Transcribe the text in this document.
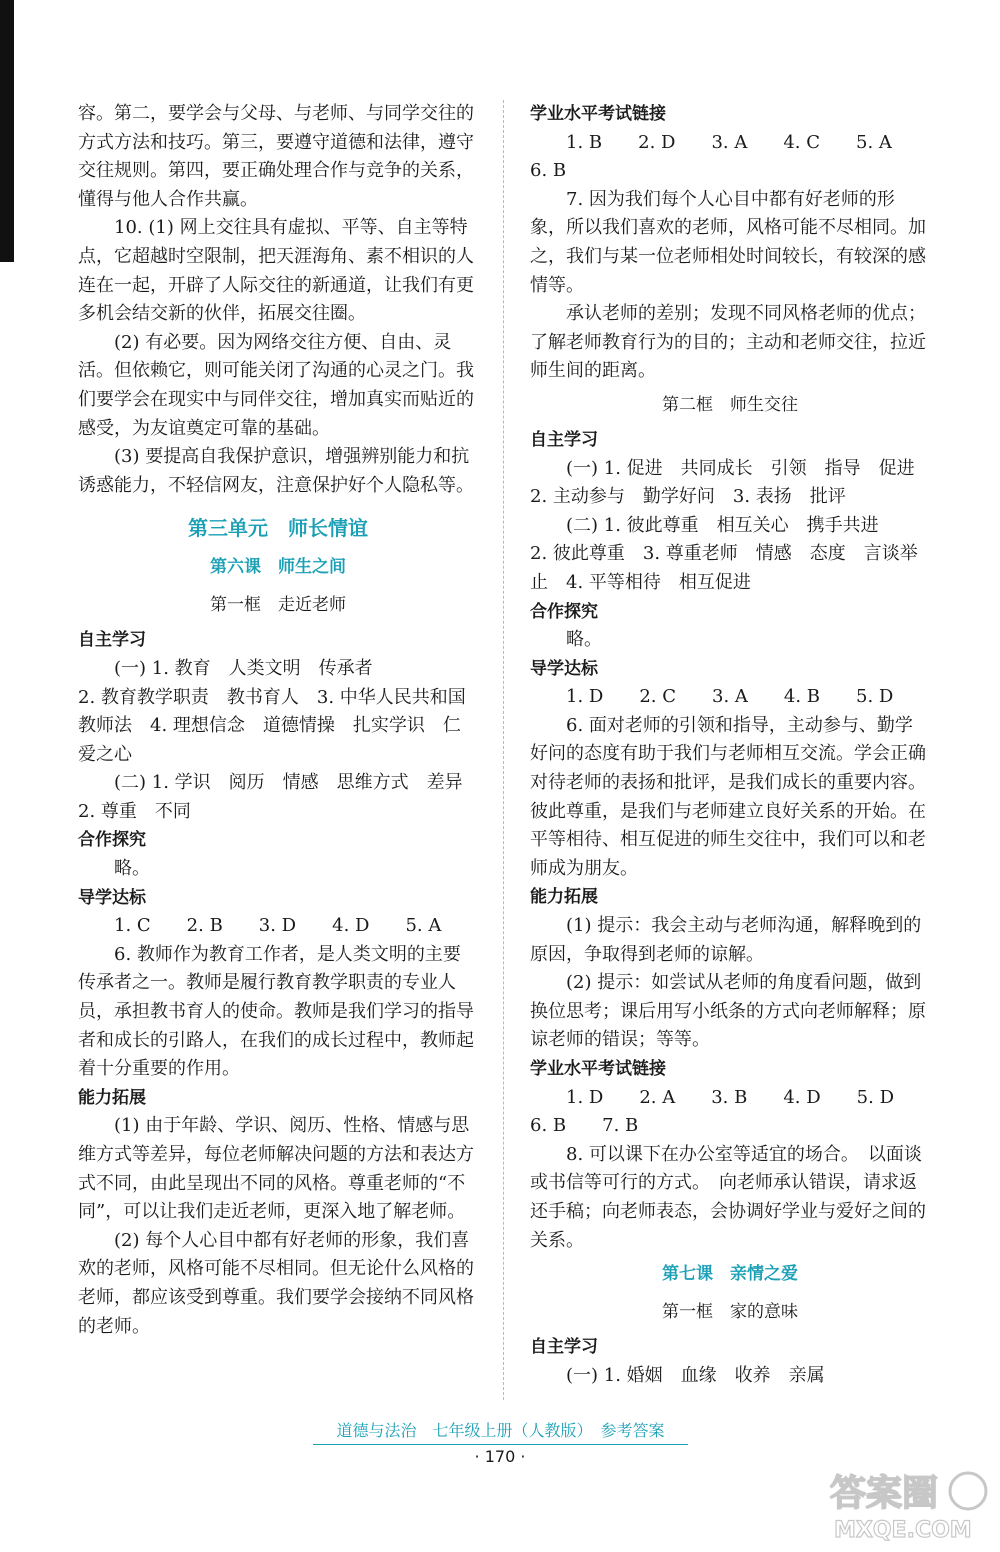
容。第二，要学会与父母、与老师、与同学交往的方式方法和技巧。第三，要遵守道德和法律，遵守交往规则。第四，要正确处理合作与竞争的关系，懂得与他人合作共赢。

10. (1) 网上交往具有虚拟、平等、自主等特点，它超越时空限制，把天涯海角、素不相识的人连在一起，开辟了人际交往的新通道，让我们有更多机会结交新的伙伴，拓展交往圈。

(2) 有必要。因为网络交往方便、自由、灵活。但依赖它，则可能关闭了沟通的心灵之门。我们要学会在现实中与同伴交往，增加真实而贴近的感受，为友谊奠定可靠的基础。

(3) 要提高自我保护意识，增强辨别能力和抗诱惑能力，不轻信网友，注意保护好个人隐私等。

第三单元　师长情谊
第六课　师生之间
第一框　走近老师
自主学习

(一) 1. 教育　人类文明　传承者
2. 教育教学职责　教书育人　3. 中华人民共和国教师法　4. 理想信念　道德情操　扎实学识　仁爱之心

(二) 1. 学识　阅历　情感　思维方式　差异　2. 尊重　不同

合作探究

略。

导学达标

1. C　　2. B　　3. D　　4. D　　5. A

6. 教师作为教育工作者，是人类文明的主要传承者之一。教师是履行教育教学职责的专业人员，承担教书育人的使命。教师是我们学习的指导者和成长的引路人，在我们的成长过程中，教师起着十分重要的作用。

能力拓展

(1) 由于年龄、学识、阅历、性格、情感与思维方式等差异，每位老师解决问题的方法和表达方式不同，由此呈现出不同的风格。尊重老师的“不同”，可以让我们走近老师，更深入地了解老师。

(2) 每个人心目中都有好老师的形象，我们喜欢的老师，风格可能不尽相同。但无论什么风格的老师，都应该受到尊重。我们要学会接纳不同风格的老师。

学业水平考试链接

1. B　　2. D　　3. A　　4. C　　5. A
6. B

7. 因为我们每个人心目中都有好老师的形象，所以我们喜欢的老师，风格可能不尽相同。加之，我们与某一位老师相处时间较长，有较深的感情等。

承认老师的差别；发现不同风格老师的优点；了解老师教育行为的目的；主动和老师交往，拉近师生间的距离。

第二框　师生交往
自主学习

(一) 1. 促进　共同成长　引领　指导　促进　2. 主动参与　勤学好问　3. 表扬　批评

(二) 1. 彼此尊重　相互关心　携手共进
2. 彼此尊重　3. 尊重老师　情感　态度　言谈举止　4. 平等相待　相互促进

合作探究

略。

导学达标

1. D　　2. C　　3. A　　4. B　　5. D

6. 面对老师的引领和指导，主动参与、勤学好问的态度有助于我们与老师相互交流。学会正确对待老师的表扬和批评，是我们成长的重要内容。彼此尊重，是我们与老师建立良好关系的开始。在平等相待、相互促进的师生交往中，我们可以和老师成为朋友。

能力拓展

(1) 提示：我会主动与老师沟通，解释晚到的原因，争取得到老师的谅解。

(2) 提示：如尝试从老师的角度看问题，做到换位思考；课后用写小纸条的方式向老师解释；原谅老师的错误；等等。

学业水平考试链接

1. D　　2. A　　3. B　　4. D　　5. D
6. B　　7. B

8. 可以课下在办公室等适宜的场合。　以面谈或书信等可行的方式。　向老师承认错误，请求返还手稿；向老师表态，会协调好学业与爱好之间的关系。

第七课　亲情之爱
第一框　家的意味
自主学习

(一) 1. 婚姻　血缘　收养　亲属

道德与法治　七年级上册（人教版）　参考答案
· 170 ·
答案圈
MXQE.COM
